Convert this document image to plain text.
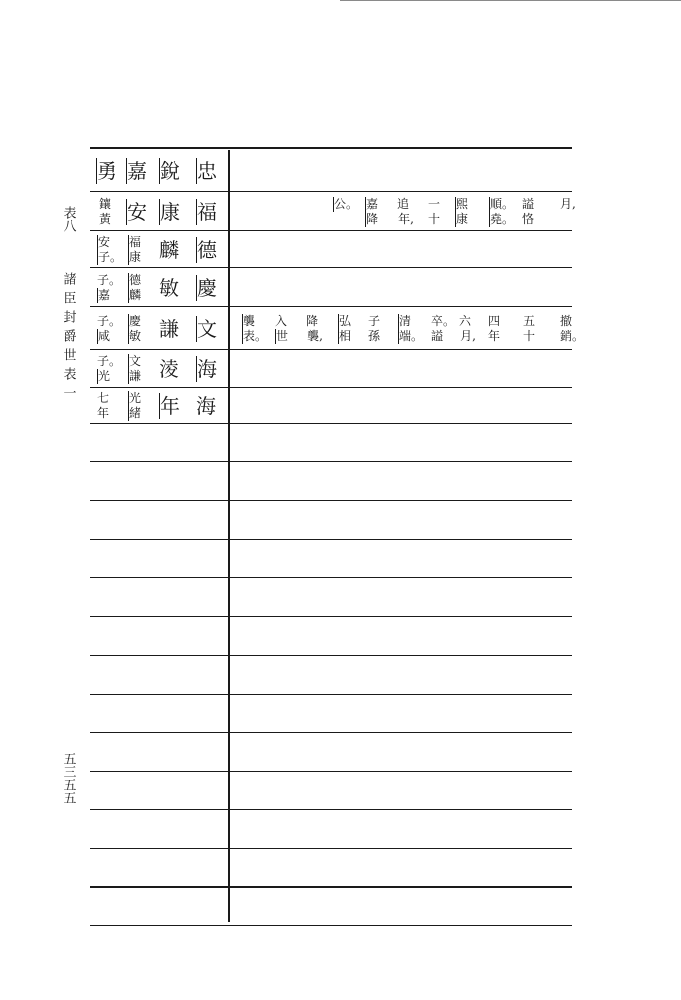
表八
諸臣封爵世表一
五三五五
忠
銳
嘉
勇
福
康
安
鑲
黃
德
麟
福
康
安
子。
慶
敏
德
麟
子。
嘉
文
謙
慶
敏
子。
咸
海
淩
文
謙
子。
光
海
年
光
緒
七
年
月,
謚
恪
順。
堯。
熙
康
一
十
追
年,
嘉
降
公。
撤
銷。
五
十
四
年
六
月,
卒。
謚
清
端。
子
孫
弘
相
降
襲,
入
世
襲
表。
